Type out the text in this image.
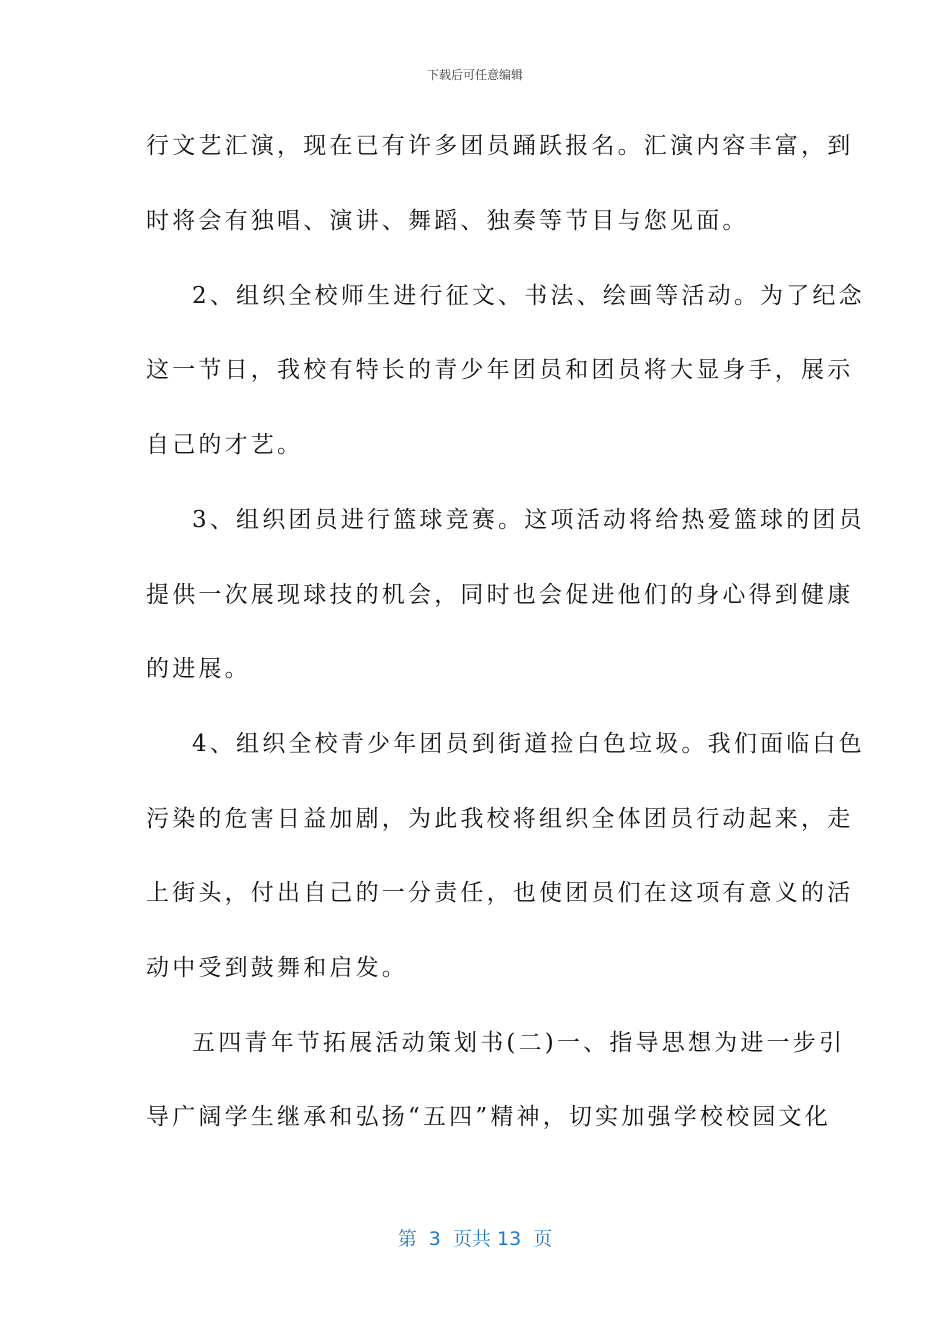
下载后可任意编辑
行文艺汇演，现在已有许多团员踊跃报名。汇演内容丰富，到
时将会有独唱、演讲、舞蹈、独奏等节目与您见面。
2、组织全校师生进行征文、书法、绘画等活动。为了纪念
这一节日，我校有特长的青少年团员和团员将大显身手，展示
自己的才艺。
3、组织团员进行篮球竞赛。这项活动将给热爱篮球的团员
提供一次展现球技的机会，同时也会促进他们的身心得到健康
的进展。
4、组织全校青少年团员到街道捡白色垃圾。我们面临白色
污染的危害日益加剧，为此我校将组织全体团员行动起来，走
上街头，付出自己的一分责任，也使团员们在这项有意义的活
动中受到鼓舞和启发。
五四青年节拓展活动策划书(二)一、指导思想为进一步引
导广阔学生继承和弘扬“五四”精神，切实加强学校校园文化
第  3  页共 13  页
